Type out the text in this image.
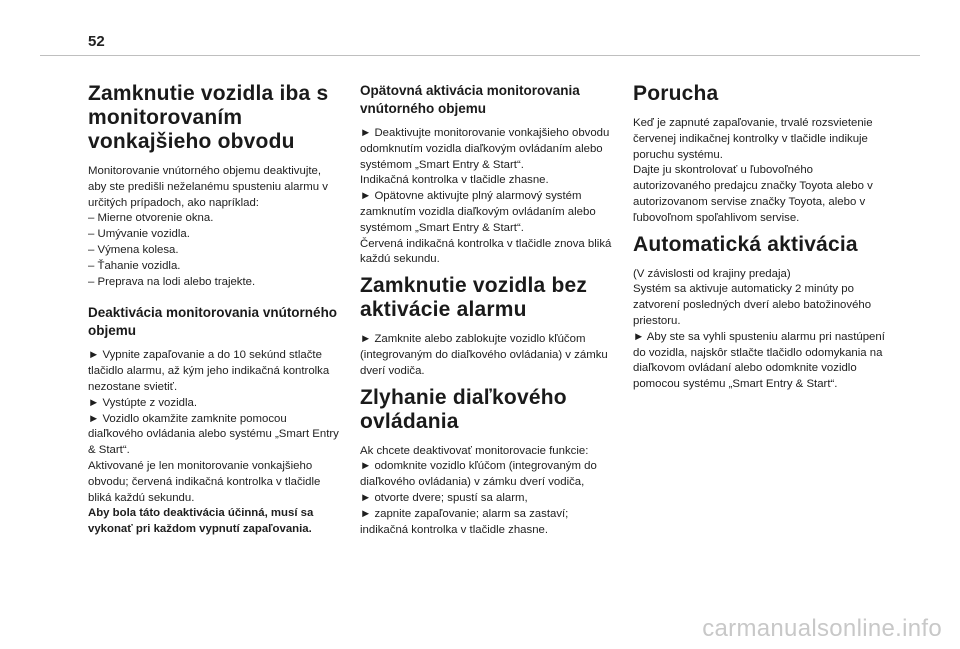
52
Zamknutie vozidla iba s monitorovaním vonkajšieho obvodu

Monitorovanie vnútorného objemu deaktivujte, aby ste predišli neželanému spusteniu alarmu v určitých prípadoch, ako napríklad:

– Mierne otvorenie okna.

– Umývanie vozidla.

– Výmena kolesa.

– Ťahanie vozidla.

– Preprava na lodi alebo trajekte.

Deaktivácia monitorovania vnútorného objemu

► Vypnite zapaľovanie a do 10 sekúnd stlačte tlačidlo alarmu, až kým jeho indikačná kontrolka nezostane svietiť.

► Vystúpte z vozidla.

► Vozidlo okamžite zamknite pomocou diaľkového ovládania alebo systému „Smart Entry & Start“.

Aktivované je len monitorovanie vonkajšieho obvodu; červená indikačná kontrolka v tlačidle bliká každú sekundu.

Aby bola táto deaktivácia účinná, musí sa vykonať pri každom vypnutí zapaľovania.

Opätovná aktivácia monitorovania vnútorného objemu

► Deaktivujte monitorovanie vonkajšieho obvodu odomknutím vozidla diaľkovým ovládaním alebo systémom „Smart Entry & Start“.

Indikačná kontrolka v tlačidle zhasne.

► Opätovne aktivujte plný alarmový systém zamknutím vozidla diaľkovým ovládaním alebo systémom „Smart Entry & Start“.

Červená indikačná kontrolka v tlačidle znova bliká každú sekundu.

Zamknutie vozidla bez aktivácie alarmu

► Zamknite alebo zablokujte vozidlo kľúčom (integrovaným do diaľkového ovládania) v zámku dverí vodiča.

Zlyhanie diaľkového ovládania

Ak chcete deaktivovať monitorovacie funkcie:

► odomknite vozidlo kľúčom (integrovaným do diaľkového ovládania) v zámku dverí vodiča,

► otvorte dvere; spustí sa alarm,

► zapnite zapaľovanie; alarm sa zastaví; indikačná kontrolka v tlačidle zhasne.

Porucha

Keď je zapnuté zapaľovanie, trvalé rozsvietenie červenej indikačnej kontrolky v tlačidle indikuje poruchu systému.

Dajte ju skontrolovať u ľubovoľného autorizovaného predajcu značky Toyota alebo v autorizovanom servise značky Toyota, alebo v ľubovoľnom spoľahlivom servise.

Automatická aktivácia

(V závislosti od krajiny predaja)

Systém sa aktivuje automaticky 2 minúty po zatvorení posledných dverí alebo batožinového priestoru.

► Aby ste sa vyhli spusteniu alarmu pri nastúpení do vozidla, najskôr stlačte tlačidlo odomykania na diaľkovom ovládaní alebo odomknite vozidlo pomocou systému „Smart Entry & Start“.

carmanualsonline.info
